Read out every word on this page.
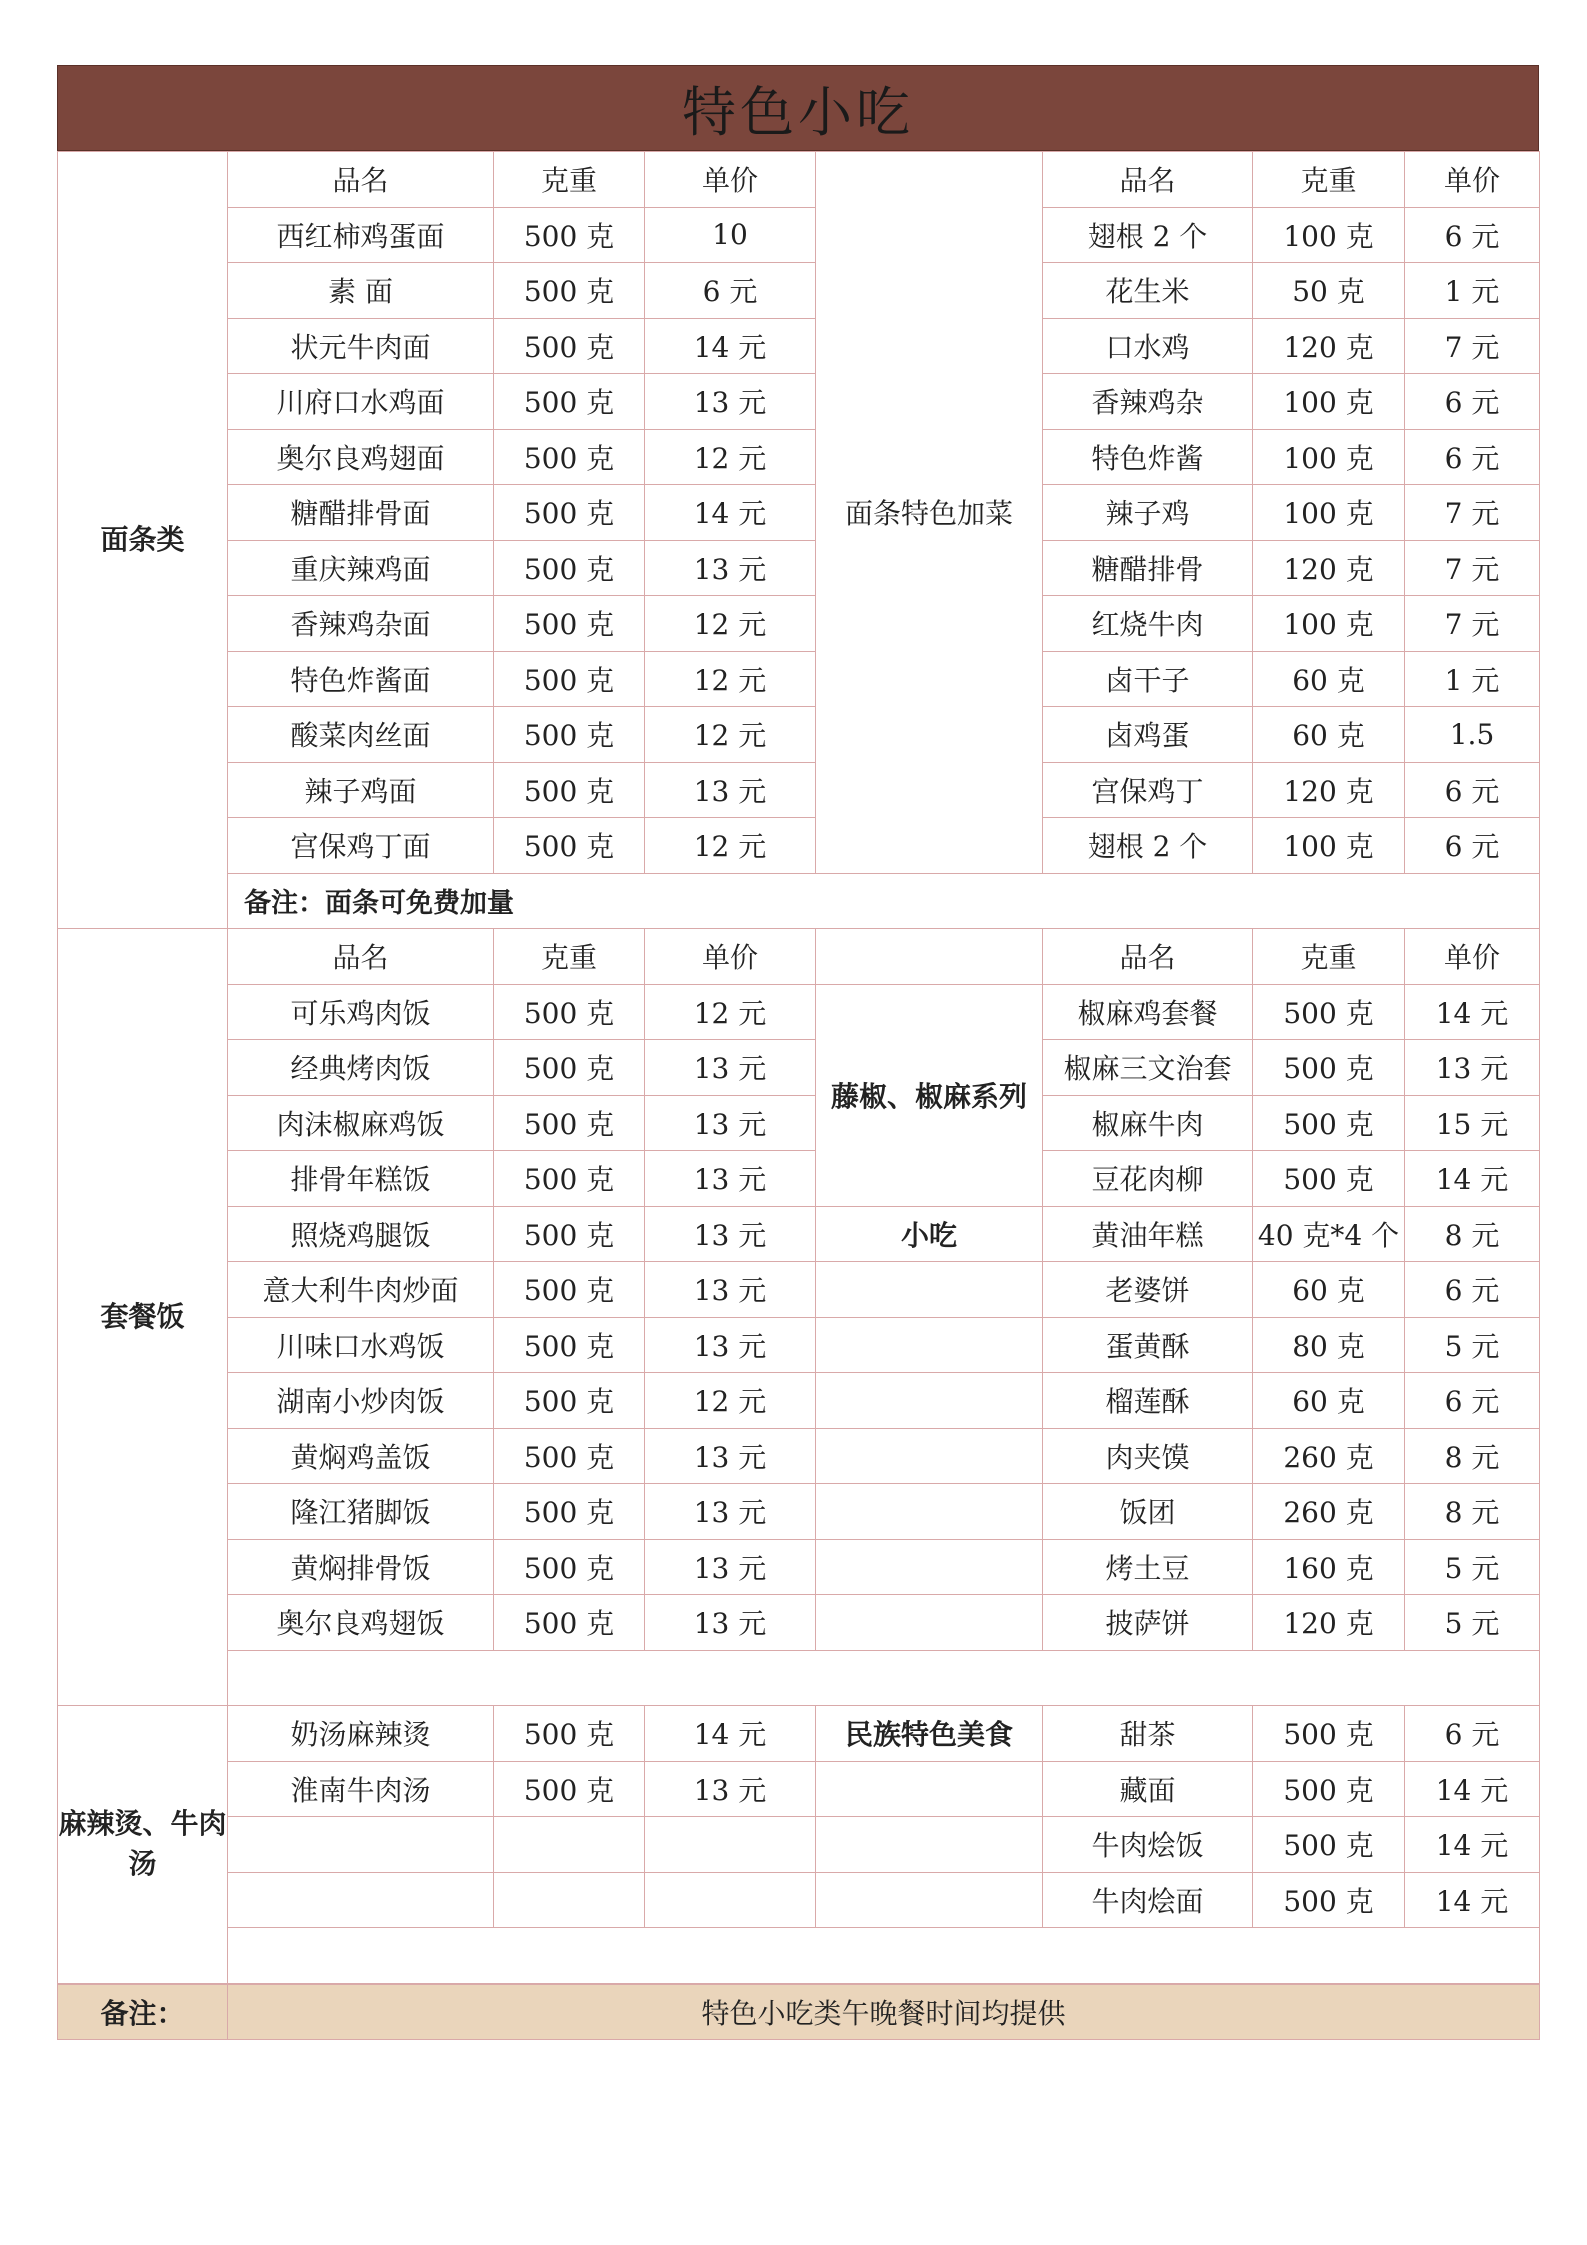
特色小吃
面条类	品名	克重	单价	面条特色加菜	品名	克重	单价
	西红柿鸡蛋面	500 克	10		翅根 2 个	100 克	6 元
	素 面	500 克	6 元		花生米	50 克	1 元
	状元牛肉面	500 克	14 元		口水鸡	120 克	7 元
	川府口水鸡面	500 克	13 元		香辣鸡杂	100 克	6 元
	奥尔良鸡翅面	500 克	12 元		特色炸酱	100 克	6 元
	糖醋排骨面	500 克	14 元		辣子鸡	100 克	7 元
	重庆辣鸡面	500 克	13 元		糖醋排骨	120 克	7 元
	香辣鸡杂面	500 克	12 元		红烧牛肉	100 克	7 元
	特色炸酱面	500 克	12 元		卤干子	60 克	1 元
	酸菜肉丝面	500 克	12 元		卤鸡蛋	60 克	1.5
	辣子鸡面	500 克	13 元		宫保鸡丁	120 克	6 元
	宫保鸡丁面	500 克	12 元		翅根 2 个	100 克	6 元
	备注：面条可免费加量						
套餐饭	品名	克重	单价		品名	克重	单价
	可乐鸡肉饭	500 克	12 元	藤椒、椒麻系列	椒麻鸡套餐	500 克	14 元
	经典烤肉饭	500 克	13 元		椒麻三文治套	500 克	13 元
	肉沫椒麻鸡饭	500 克	13 元		椒麻牛肉	500 克	15 元
	排骨年糕饭	500 克	13 元		豆花肉柳	500 克	14 元
	照烧鸡腿饭	500 克	13 元	小吃	黄油年糕	40 克*4 个	8 元
	意大利牛肉炒面	500 克	13 元		老婆饼	60 克	6 元
	川味口水鸡饭	500 克	13 元		蛋黄酥	80 克	5 元
	湖南小炒肉饭	500 克	12 元		榴莲酥	60 克	6 元
	黄焖鸡盖饭	500 克	13 元		肉夹馍	260 克	8 元
	隆江猪脚饭	500 克	13 元		饭团	260 克	8 元
	黄焖排骨饭	500 克	13 元		烤土豆	160 克	5 元
	奥尔良鸡翅饭	500 克	13 元		披萨饼	120 克	5 元

麻辣烫、牛肉汤	奶汤麻辣烫	500 克	14 元	民族特色美食	甜茶	500 克	6 元
	淮南牛肉汤	500 克	13 元		藏面	500 克	14 元
					牛肉烩饭	500 克	14 元
					牛肉烩面	500 克	14 元

备注：	特色小吃类午晚餐时间均提供
